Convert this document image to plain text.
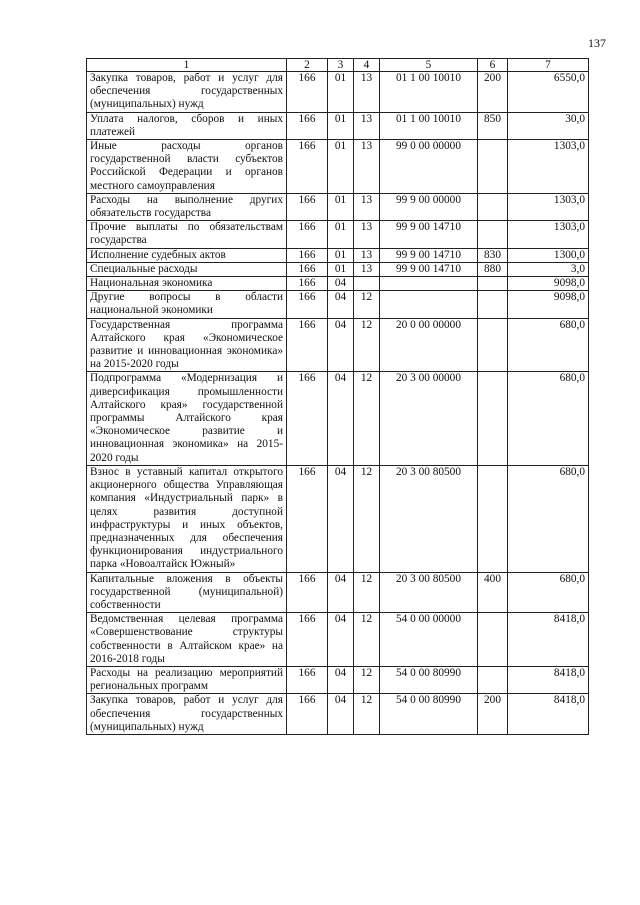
137
1	2	3	4	5	6	7
Закупка товаров, работ и услуг для обеспечения государственных (муниципальных) нужд	166	01	13	01 1 00 10010	200	6550,0
Уплата налогов, сборов и иных платежей	166	01	13	01 1 00 10010	850	30,0
Иные расходы органов государственной власти субъектов Российской Федерации и органов местного самоуправления	166	01	13	99 0 00 00000		1303,0
Расходы на выполнение других обязательств государства	166	01	13	99 9 00 00000		1303,0
Прочие выплаты по обязательствам государства	166	01	13	99 9 00 14710		1303,0
Исполнение судебных актов	166	01	13	99 9 00 14710	830	1300,0
Специальные расходы	166	01	13	99 9 00 14710	880	3,0
Национальная экономика	166	04				9098,0
Другие вопросы в области национальной экономики	166	04	12			9098,0
Государственная программа Алтайского края «Экономическое развитие и инновационная экономика» на 2015-2020 годы	166	04	12	20 0 00 00000		680,0
Подпрограмма «Модернизация и диверсификация промышленности Алтайского края» государственной программы Алтайского края «Экономическое развитие и инновационная экономика» на 2015-2020 годы	166	04	12	20 3 00 00000		680,0
Взнос в уставный капитал открытого акционерного общества Управляющая компания «Индустриальный парк» в целях развития доступной инфраструктуры и иных объектов, предназначенных для обеспечения функционирования индустриального парка «Новоалтайск Южный»	166	04	12	20 3 00 80500		680,0
Капитальные вложения в объекты государственной (муниципальной) собственности	166	04	12	20 3 00 80500	400	680,0
Ведомственная целевая программа «Совершенствование структуры собственности в Алтайском крае» на 2016-2018 годы	166	04	12	54 0 00 00000		8418,0
Расходы на реализацию мероприятий региональных программ	166	04	12	54 0 00 80990		8418,0
Закупка товаров, работ и услуг для обеспечения государственных (муниципальных) нужд	166	04	12	54 0 00 80990	200	8418,0
